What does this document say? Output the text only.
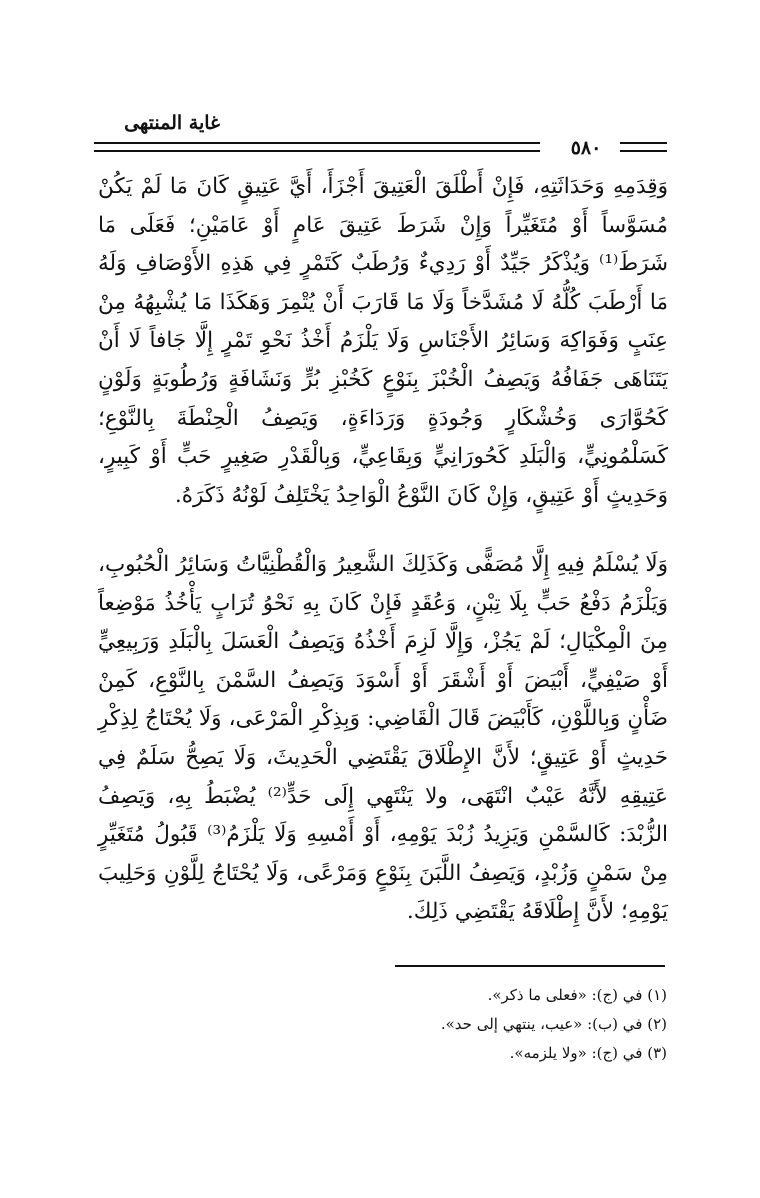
غاية المنتهى
٥٨٠

وَقِدَمِهِ وَحَدَاثَتِهِ، فَإِنْ أَطْلَقَ الْعَتِيقَ أَجْزَأَ، أَيَّ عَتِيقٍ كَانَ مَا لَمْ يَكُنْ مُسَوَّساً أَوْ مُتَغَيِّراً وَإِنْ شَرَطَ عَتِيقَ عَامٍ أَوْ عَامَيْنِ؛ فَعَلَى مَا شَرَطَ⁽¹⁾ وَيُذْكَرُ جَيِّدٌ أَوْ رَدِيءٌ وَرُطَبٌ كَتَمْرٍ فِي هَذِهِ الأَوْصَافِ وَلَهُ مَا أَرْطَبَ كُلُّهُ لَا مُشَدَّخاً وَلَا مَا قَارَبَ أَنْ يُتْمِرَ وَهَكَذَا مَا يُشْبِهُهُ مِنْ عِنَبٍ وَفَوَاكِهَ وَسَائِرُ الأَجْنَاسِ وَلَا يَلْزَمُ أَخْذُ نَحْوِ تَمْرٍ إِلَّا جَافاً لَا أَنْ يَتَنَاهَى جَفَافُهُ وَيَصِفُ الْخُبْزَ بِنَوْعٍ كَخُبْزِ بُرٍّ وَنَشَافَةٍ وَرُطُوبَةٍ وَلَوْنٍ كَحُوَّارَى وَخُشْكَارٍ وَجُودَةٍ وَرَدَاءَةٍ، وَيَصِفُ الْحِنْطَةَ بِالنَّوْعِ؛ كَسَلْمُونِيٍّ، وَالْبَلَدِ كَحُورَانِيٍّ وَبِقَاعِيٍّ، وَبِالْقَدْرِ صَغِيرٍ حَبٍّ أَوْ كَبِيرٍ، وَحَدِيثٍ أَوْ عَتِيقٍ، وَإِنْ كَانَ النَّوْعُ الْوَاحِدُ يَخْتَلِفُ لَوْنُهُ ذَكَرَهُ.

وَلَا يُسْلَمُ فِيهِ إِلَّا مُصَفًّى وَكَذَلِكَ الشَّعِيرُ وَالْقُطْنِيَّاتُ وَسَائِرُ الْحُبُوبِ، وَيَلْزَمُ دَفْعُ حَبٍّ بِلَا تِبْنٍ، وَعُقَدٍ فَإِنْ كَانَ بِهِ نَحْوُ تُرَابٍ يَأْخُذُ مَوْضِعاً مِنَ الْمِكْيَالِ؛ لَمْ يَجُزْ، وَإِلَّا لَزِمَ أَخْذُهُ وَيَصِفُ الْعَسَلَ بِالْبَلَدِ وَرَبِيعِيٍّ أَوْ صَيْفِيٍّ، أَبْيَضَ أَوْ أَشْقَرَ أَوْ أَسْوَدَ وَيَصِفُ السَّمْنَ بِالنَّوْعِ، كَمِنْ ضَأْنٍ وَبِاللَّوْنِ، كَأَبْيَضَ قَالَ الْقَاضِي: وَبِذِكْرِ الْمَرْعَى، وَلَا يُحْتَاجُ لِذِكْرِ حَدِيثٍ أَوْ عَتِيقٍ؛ لأَنَّ الإِطْلَاقَ يَقْتَضِي الْحَدِيثَ، وَلَا يَصِحُّ سَلَمٌ فِي عَتِيقِهِ لأَنَّهُ عَيْبٌ انْتَهَى، ولا يَنْتَهِي إِلَى حَدٍّ⁽²⁾ يُضْبَطُ بِهِ، وَيَصِفُ الزُّبْدَ: كَالسَّمْنِ وَيَزِيدُ زُبْدَ يَوْمِهِ، أَوْ أَمْسِهِ وَلَا يَلْزَمُ⁽³⁾ قَبُولُ مُتَغَيِّرٍ مِنْ سَمْنٍ وَزُبْدٍ، وَيَصِفُ اللَّبَنَ بِنَوْعٍ وَمَرْعًى، وَلَا يُحْتَاجُ لِلَّوْنِ وَحَلِيبَ يَوْمِهِ؛ لأَنَّ إِطْلَاقَهُ يَقْتَضِي ذَلِكَ.

(١) في (ج): «فعلى ما ذكر».
(٢) في (ب): «عيب، ينتهي إلى حد».
(٣) في (ج): «ولا يلزمه».
